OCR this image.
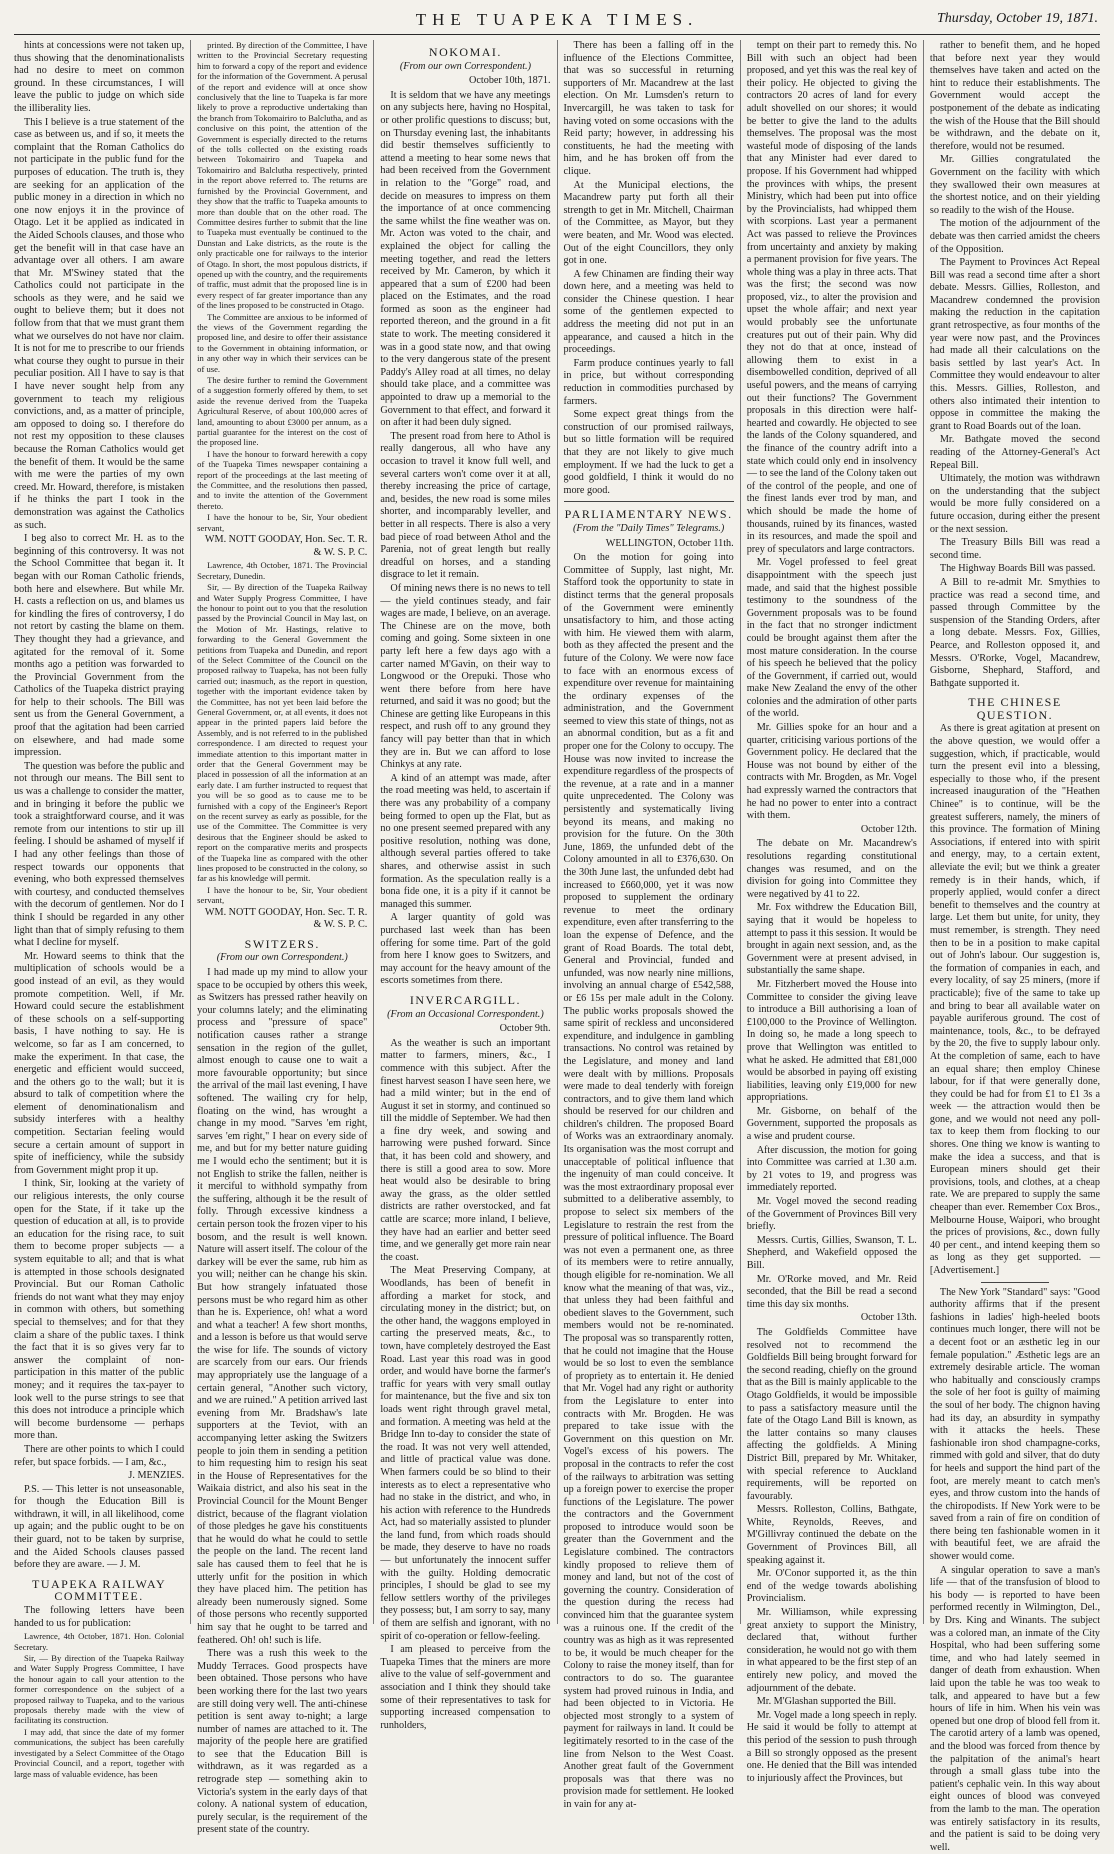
THE TUAPEKA TIMES.	Thursday, October 19, 1871.

hints at concessions were not taken up, thus showing that the denominationalists had no desire to meet on common ground. In these circumstances, I will leave the public to judge on which side the illiberality lies.

This I believe is a true statement of the case as between us, and if so, it meets the complaint that the Roman Catholics do not participate in the public fund for the purposes of education. The truth is, they are seeking for an application of the public money in a direction in which no one now enjoys it in the province of Otago. Let it be applied as indicated in the Aided Schools clauses, and those who get the benefit will in that case have an advantage over all others. I am aware that Mr. M'Swiney stated that the Catholics could not participate in the schools as they were, and he said we ought to believe them; but it does not follow from that that we must grant them what we ourselves do not have nor claim. It is not for me to prescribe to our friends what course they ought to pursue in their peculiar position. All I have to say is that I have never sought help from any government to teach my religious convictions, and, as a matter of principle, am opposed to doing so. I therefore do not rest my opposition to these clauses because the Roman Catholics would get the benefit of them. It would be the same with me were the parties of my own creed. Mr. Howard, therefore, is mistaken if he thinks the part I took in the demonstration was against the Catholics as such.

I beg also to correct Mr. H. as to the beginning of this controversy. It was not the School Committee that began it. It began with our Roman Catholic friends, both here and elsewhere. But while Mr. H. casts a reflection on us, and blames us for kindling the fires of controversy, I do not retort by casting the blame on them. They thought they had a grievance, and agitated for the removal of it. Some months ago a petition was forwarded to the Provincial Government from the Catholics of the Tuapeka district praying for help to their schools. The Bill was sent us from the General Government, a proof that the agitation had been carried on elsewhere, and had made some impression.

The question was before the public and not through our means. The Bill sent to us was a challenge to consider the matter, and in bringing it before the public we took a straightforward course, and it was remote from our intentions to stir up ill feeling. I should be ashamed of myself if I had any other feelings than those of respect towards our opponents that evening, who both expressed themselves with courtesy, and conducted themselves with the decorum of gentlemen. Nor do I think I should be regarded in any other light than that of simply refusing to them what I decline for myself.

Mr. Howard seems to think that the multiplication of schools would be a good instead of an evil, as they would promote competition. Well, if Mr. Howard could secure the establishment of these schools on a self-supporting basis, I have nothing to say. He is welcome, so far as I am concerned, to make the experiment. In that case, the energetic and efficient would succeed, and the others go to the wall; but it is absurd to talk of competition where the element of denominationalism and subsidy interferes with a healthy competition. Sectarian feeling would secure a certain amount of support in spite of inefficiency, while the subsidy from Government might prop it up.

I think, Sir, looking at the variety of our religious interests, the only course open for the State, if it take up the question of education at all, is to provide an education for the rising race, to suit them to become proper subjects — a system equitable to all; and that is what is attempted in those schools designated Provincial. But our Roman Catholic friends do not want what they may enjoy in common with others, but something special to themselves; and for that they claim a share of the public taxes. I think the fact that it is so gives very far to answer the complaint of non-participation in this matter of the public money; and it requires the tax-payer to look well to the purse strings to see that this does not introduce a principle which will become burdensome — perhaps more than.

There are other points to which I could refer, but space forbids. — I am, &c.,

J. MENZIES.

P.S. — This letter is not unseasonable, for though the Education Bill is withdrawn, it will, in all likelihood, come up again; and the public ought to be on their guard, not to be taken by surprise, and the Aided Schools clauses passed before they are aware. — J. M.

TUAPEKA RAILWAY COMMITTEE.

The following letters have been handed to us for publication:

Lawrence, 4th October, 1871. Hon. Colonial Secretary.

Sir, — By direction of the Tuapeka Railway and Water Supply Progress Committee, I have the honour again to call your attention to the former correspondence on the subject of a proposed railway to Tuapeka, and to the various proposals thereby made with the view of facilitating its construction.

I may add, that since the date of my former communications, the subject has been carefully investigated by a Select Committee of the Otago Provincial Council, and a report, together with large mass of valuable evidence, has been

printed. By direction of the Committee, I have written to the Provincial Secretary requesting him to forward a copy of the report and evidence for the information of the Government. A perusal of the report and evidence will at once show conclusively that the line to Tuapeka is far more likely to prove a reproductive undertaking than the branch from Tokomairiro to Balclutha, and as conclusive on this point, the attention of the Government is especially directed to the returns of the tolls collected on the existing roads between Tokomairiro and Tuapeka and Tokomairiro and Balclutha respectively, printed in the report above referred to. The returns are furnished by the Provincial Government, and they show that the traffic to Tuapeka amounts to more than double that on the other road. The Committee desires further to submit that the line to Tuapeka must eventually be continued to the Dunstan and Lake districts, as the route is the only practicable one for railways to the interior of Otago. In short, the most populous districts, if opened up with the country, and the requirements of traffic, must admit that the proposed line is in every respect of far greater importance than any of the lines proposed to be constructed in Otago.

The Committee are anxious to be informed of the views of the Government regarding the proposed line, and desire to offer their assistance to the Government in obtaining information, or in any other way in which their services can be of use.

The desire further to remind the Government of a suggestion formerly offered by them, to set aside the revenue derived from the Tuapeka Agricultural Reserve, of about 100,000 acres of land, amounting to about £3000 per annum, as a partial guarantee for the interest on the cost of the proposed line.

I have the honour to forward herewith a copy of the Tuapeka Times newspaper containing a report of the proceedings at the last meeting of the Committee, and the resolutions then passed, and to invite the attention of the Government thereto.

I have the honour to be, Sir, Your obedient servant,

WM. NOTT GOODAY, Hon. Sec. T. R. & W. S. P. C.

Lawrence, 4th October, 1871. The Provincial Secretary, Dunedin.

Sir, — By direction of the Tuapeka Railway and Water Supply Progress Committee, I have the honour to point out to you that the resolution passed by the Provincial Council in May last, on the Motion of Mr. Hastings, relative to forwarding to the General Government the petitions from Tuapeka and Dunedin, and report of the Select Committee of the Council on the proposed railway to Tuapeka, has not been fully carried out; inasmuch, as the report in question, together with the important evidence taken by the Committee, has not yet been laid before the General Government, or, at all events, it does not appear in the printed papers laid before the Assembly, and is not referred to in the published correspondence. I am directed to request your immediate attention to this important matter in order that the General Government may be placed in possession of all the information at an early date. I am further instructed to request that you will be so good as to cause me to be furnished with a copy of the Engineer's Report on the recent survey as early as possible, for the use of the Committee. The Committee is very desirous that the Engineer should be asked to report on the comparative merits and prospects of the Tuapeka line as compared with the other lines proposed to be constructed in the colony, so far as his knowledge will permit.

I have the honour to be, Sir, Your obedient servant,

WM. NOTT GOODAY, Hon. Sec. T. R. & W. S. P. C.

SWITZERS.

(From our own Correspondent.)

I had made up my mind to allow your space to be occupied by others this week, as Switzers has pressed rather heavily on your columns lately; and the eliminating process and "pressure of space" notification causes rather a strange sensation in the region of the gullet, almost enough to cause one to wait a more favourable opportunity; but since the arrival of the mail last evening, I have softened. The wailing cry for help, floating on the wind, has wrought a change in my mood. "Sarves 'em right, sarves 'em right," I hear on every side of me, and but for my better nature guiding me I would echo the sentiment; but it is not English to strike the fallen, neither is it merciful to withhold sympathy from the suffering, although it be the result of folly. Through excessive kindness a certain person took the frozen viper to his bosom, and the result is well known. Nature will assert itself. The colour of the darkey will be ever the same, rub him as you will; neither can he change his skin. But how strangely infatuated those persons must be who regard him as other than he is. Experience, oh! what a word and what a teacher! A few short months, and a lesson is before us that would serve the wise for life. The sounds of victory are scarcely from our ears. Our friends may appropriately use the language of a certain general, "Another such victory, and we are ruined." A petition arrived last evening from Mr. Bradshaw's late supporters at the Teviot, with an accompanying letter asking the Switzers people to join them in sending a petition to him requesting him to resign his seat in the House of Representatives for the Waikaia district, and also his seat in the Provincial Council for the Mount Benger district, because of the flagrant violation of those pledges he gave his constituents that he would do what he could to settle the people on the land. The recent land sale has caused them to feel that he is utterly unfit for the position in which they have placed him. The petition has already been numerously signed. Some of those persons who recently supported him say that he ought to be tarred and feathered. Oh! oh! such is life.

There was a rush this week to the Muddy Terraces. Good prospects have been obtained. Those persons who have been working there for the last two years are still doing very well. The anti-chinese petition is sent away to-night; a large number of names are attached to it. The majority of the people here are gratified to see that the Education Bill is withdrawn, as it was regarded as a retrograde step — something akin to Victoria's system in the early days of that colony. A national system of education, purely secular, is the requirement of the present state of the country.

NOKOMAI.

(From our own Correspondent.)

October 10th, 1871.

It is seldom that we have any meetings on any subjects here, having no Hospital, or other prolific questions to discuss; but, on Thursday evening last, the inhabitants did bestir themselves sufficiently to attend a meeting to hear some news that had been received from the Government in relation to the "Gorge" road, and decide on measures to impress on them the importance of at once commencing the same whilst the fine weather was on. Mr. Acton was voted to the chair, and explained the object for calling the meeting together, and read the letters received by Mr. Cameron, by which it appeared that a sum of £200 had been placed on the Estimates, and the road formed as soon as the engineer had reported thereon, and the ground in a fit state to work. The meeting considered it was in a good state now, and that owing to the very dangerous state of the present Paddy's Alley road at all times, no delay should take place, and a committee was appointed to draw up a memorial to the Government to that effect, and forward it on after it had been duly signed.

The present road from here to Athol is really dangerous, all who have any occasion to travel it know full well, and several carters won't come over it at all, thereby increasing the price of cartage, and, besides, the new road is some miles shorter, and incomparably leveller, and better in all respects. There is also a very bad piece of road between Athol and the Parenia, not of great length but really dreadful on horses, and a standing disgrace to let it remain.

Of mining news there is no news to tell — the yield continues steady, and fair wages are made, I believe, on an average. The Chinese are on the move, both coming and going. Some sixteen in one party left here a few days ago with a carter named M'Gavin, on their way to Longwood or the Orepuki. Those who went there before from here have returned, and said it was no good; but the Chinese are getting like Europeans in this respect, and rush off to any ground they fancy will pay better than that in which they are in. But we can afford to lose Chinkys at any rate.

A kind of an attempt was made, after the road meeting was held, to ascertain if there was any probability of a company being formed to open up the Flat, but as no one present seemed prepared with any positive resolution, nothing was done, although several parties offered to take shares, and otherwise assist in such formation. As the speculation really is a bona fide one, it is a pity if it cannot be managed this summer.

A larger quantity of gold was purchased last week than has been offering for some time. Part of the gold from here I know goes to Switzers, and may account for the heavy amount of the escorts sometimes from there.

INVERCARGILL.

(From an Occasional Correspondent.)

October 9th.

As the weather is such an important matter to farmers, miners, &c., I commence with this subject. After the finest harvest season I have seen here, we had a mild winter; but in the end of August it set in stormy, and continued so till the middle of September. We had then a fine dry week, and sowing and harrowing were pushed forward. Since that, it has been cold and showery, and there is still a good area to sow. More heat would also be desirable to bring away the grass, as the older settled districts are rather overstocked, and fat cattle are scarce; more inland, I believe, they have had an earlier and better seed time, and we generally get more rain near the coast.

The Meat Preserving Company, at Woodlands, has been of benefit in affording a market for stock, and circulating money in the district; but, on the other hand, the waggons employed in carting the preserved meats, &c., to town, have completely destroyed the East Road. Last year this road was in good order, and would have borne the farmer's traffic for years with very small outlay for maintenance, but the five and six ton loads went right through gravel metal, and formation. A meeting was held at the Bridge Inn to-day to consider the state of the road. It was not very well attended, and little of practical value was done. When farmers could be so blind to their interests as to elect a representative who had no stake in the district, and who, in his action with reference to the Hundreds Act, had so materially assisted to plunder the land fund, from which roads should be made, they deserve to have no roads — but unfortunately the innocent suffer with the guilty. Holding democratic principles, I should be glad to see my fellow settlers worthy of the privileges they possess; but, I am sorry to say, many of them are selfish and ignorant, with no spirit of co-operation or fellow-feeling.

I am pleased to perceive from the Tuapeka Times that the miners are more alive to the value of self-government and association and I think they should take some of their representatives to task for supporting increased compensation to runholders,

There has been a falling off in the influence of the Elections Committee, that was so successful in returning supporters of Mr. Macandrew at the last election. On Mr. Lumsden's return to Invercargill, he was taken to task for having voted on some occasions with the Reid party; however, in addressing his constituents, he had the meeting with him, and he has broken off from the clique.

At the Municipal elections, the Macandrew party put forth all their strength to get in Mr. Mitchell, Chairman of the Committee, as Mayor, but they were beaten, and Mr. Wood was elected. Out of the eight Councillors, they only got in one.

A few Chinamen are finding their way down here, and a meeting was held to consider the Chinese question. I hear some of the gentlemen expected to address the meeting did not put in an appearance, and caused a hitch in the proceedings.

Farm produce continues yearly to fall in price, but without corresponding reduction in commodities purchased by farmers.

Some expect great things from the construction of our promised railways, but so little formation will be required that they are not likely to give much employment. If we had the luck to get a good goldfield, I think it would do no more good.

PARLIAMENTARY NEWS.

(From the "Daily Times" Telegrams.)

WELLINGTON, October 11th.

On the motion for going into Committee of Supply, last night, Mr. Stafford took the opportunity to state in distinct terms that the general proposals of the Government were eminently unsatisfactory to him, and those acting with him. He viewed them with alarm, both as they affected the present and the future of the Colony. We were now face to face with an enormous excess of expenditure over revenue for maintaining the ordinary expenses of the administration, and the Government seemed to view this state of things, not as an abnormal condition, but as a fit and proper one for the Colony to occupy. The House was now invited to increase the expenditure regardless of the prospects of the revenue, at a rate and in a manner quite unprecedented. The Colony was persistently and systematically living beyond its means, and making no provision for the future. On the 30th June, 1869, the unfunded debt of the Colony amounted in all to £376,630. On the 30th June last, the unfunded debt had increased to £660,000, yet it was now proposed to supplement the ordinary revenue to meet the ordinary expenditure, even after transferring to the loan the expense of Defence, and the grant of Road Boards. The total debt, General and Provincial, funded and unfunded, was now nearly nine millions, involving an annual charge of £542,588, or £6 15s per male adult in the Colony. The public works proposals showed the same spirit of reckless and unconsidered expenditure, and indulgence in gambling transactions. No control was retained by the Legislature, and money and land were dealt with by millions. Proposals were made to deal tenderly with foreign contractors, and to give them land which should be reserved for our children and children's children. The proposed Board of Works was an extraordinary anomaly. Its organisation was the most corrupt and unacceptable of political influence that the ingenuity of man could conceive. It was the most extraordinary proposal ever submitted to a deliberative assembly, to propose to select six members of the Legislature to restrain the rest from the pressure of political influence. The Board was not even a permanent one, as three of its members were to retire annually, though eligible for re-nomination. We all know what the meaning of that was, viz., that unless they had been faithful and obedient slaves to the Government, such members would not be re-nominated. The proposal was so transparently rotten, that he could not imagine that the House would be so lost to even the semblance of propriety as to entertain it. He denied that Mr. Vogel had any right or authority from the Legislature to enter into contracts with Mr. Brogden. He was prepared to take issue with the Government on this question on Mr. Vogel's excess of his powers. The proposal in the contracts to refer the cost of the railways to arbitration was setting up a foreign power to exercise the proper functions of the Legislature. The power the contractors and the Government proposed to introduce would soon be greater than the Government and the Legislature combined. The contractors kindly proposed to relieve them of money and land, but not of the cost of governing the country. Consideration of the question during the recess had convinced him that the guarantee system was a ruinous one. If the credit of the country was as high as it was represented to be, it would be much cheaper for the Colony to raise the money itself, than for contractors to do so. The guarantee system had proved ruinous in India, and had been objected to in Victoria. He objected most strongly to a system of payment for railways in land. It could be legitimately resorted to in the case of the line from Nelson to the West Coast. Another great fault of the Government proposals was that there was no provision made for settlement. He looked in vain for any at-

tempt on their part to remedy this. No Bill with such an object had been proposed, and yet this was the real key of their policy. He objected to giving the contractors 20 acres of land for every adult shovelled on our shores; it would be better to give the land to the adults themselves. The proposal was the most wasteful mode of disposing of the lands that any Minister had ever dared to propose. If his Government had whipped the provinces with whips, the present Ministry, which had been put into office by the Provincialists, had whipped them with scorpions. Last year a permanent Act was passed to relieve the Provinces from uncertainty and anxiety by making a permanent provision for five years. The whole thing was a play in three acts. That was the first; the second was now proposed, viz., to alter the provision and upset the whole affair; and next year would probably see the unfortunate creatures put out of their pain. Why did they not do that at once, instead of allowing them to exist in a disembowelled condition, deprived of all useful powers, and the means of carrying out their functions? The Government proposals in this direction were half-hearted and cowardly. He objected to see the lands of the Colony squandered, and the finance of the country adrift into a state which could only end in insolvency — to see the land of the Colony taken out of the control of the people, and one of the finest lands ever trod by man, and which should be made the home of thousands, ruined by its finances, wasted in its resources, and made the spoil and prey of speculators and large contractors.

Mr. Vogel professed to feel great disappointment with the speech just made, and said that the highest possible testimony to the soundness of the Government proposals was to be found in the fact that no stronger indictment could be brought against them after the most mature consideration. In the course of his speech he believed that the policy of the Government, if carried out, would make New Zealand the envy of the other colonies and the admiration of other parts of the world.

Mr. Gillies spoke for an hour and a quarter, criticising various portions of the Government policy. He declared that the House was not bound by either of the contracts with Mr. Brogden, as Mr. Vogel had expressly warned the contractors that he had no power to enter into a contract with them.

October 12th.

The debate on Mr. Macandrew's resolutions regarding constitutional changes was resumed, and on the division for going into Committee they were negatived by 41 to 22.

Mr. Fox withdrew the Education Bill, saying that it would be hopeless to attempt to pass it this session. It would be brought in again next session, and, as the Government were at present advised, in substantially the same shape.

Mr. Fitzherbert moved the House into Committee to consider the giving leave to introduce a Bill authorising a loan of £100,000 to the Province of Wellington. In doing so, he made a long speech to prove that Wellington was entitled to what he asked. He admitted that £81,000 would be absorbed in paying off existing liabilities, leaving only £19,000 for new appropriations.

Mr. Gisborne, on behalf of the Government, supported the proposals as a wise and prudent course.

After discussion, the motion for going into Committee was carried at 1.30 a.m. by 21 votes to 19, and progress was immediately reported.

Mr. Vogel moved the second reading of the Government of Provinces Bill very briefly.

Messrs. Curtis, Gillies, Swanson, T. L. Shepherd, and Wakefield opposed the Bill.

Mr. O'Rorke moved, and Mr. Reid seconded, that the Bill be read a second time this day six months.

October 13th.

The Goldfields Committee have resolved not to recommend the Goldfields Bill being brought forward for the second reading, chiefly on the ground that as the Bill is mainly applicable to the Otago Goldfields, it would be impossible to pass a satisfactory measure until the fate of the Otago Land Bill is known, as the latter contains so many clauses affecting the goldfields. A Mining District Bill, prepared by Mr. Whitaker, with special reference to Auckland requirements, will be reported on favourably.

Messrs. Rolleston, Collins, Bathgate, White, Reynolds, Reeves, and M'Gillivray continued the debate on the Government of Provinces Bill, all speaking against it.

Mr. O'Conor supported it, as the thin end of the wedge towards abolishing Provincialism.

Mr. Williamson, while expressing great anxiety to support the Ministry, declared that, without further consideration, he would not go with them in what appeared to be the first step of an entirely new policy, and moved the adjournment of the debate.

Mr. M'Glashan supported the Bill.

Mr. Vogel made a long speech in reply. He said it would be folly to attempt at this period of the session to push through a Bill so strongly opposed as the present one. He denied that the Bill was intended to injuriously affect the Provinces, but

rather to benefit them, and he hoped that before next year they would themselves have taken and acted on the hint to reduce their establishments. The Government would accept the postponement of the debate as indicating the wish of the House that the Bill should be withdrawn, and the debate on it, therefore, would not be resumed.

Mr. Gillies congratulated the Government on the facility with which they swallowed their own measures at the shortest notice, and on their yielding so readily to the wish of the House.

The motion of the adjournment of the debate was then carried amidst the cheers of the Opposition.

The Payment to Provinces Act Repeal Bill was read a second time after a short debate. Messrs. Gillies, Rolleston, and Macandrew condemned the provision making the reduction in the capitation grant retrospective, as four months of the year were now past, and the Provinces had made all their calculations on the basis settled by last year's Act. In Committee they would endeavour to alter this. Messrs. Gillies, Rolleston, and others also intimated their intention to oppose in committee the making the grant to Road Boards out of the loan.

Mr. Bathgate moved the second reading of the Attorney-General's Act Repeal Bill.

Ultimately, the motion was withdrawn on the understanding that the subject would be more fully considered on a future occasion, during either the present or the next session.

The Treasury Bills Bill was read a second time.

The Highway Boards Bill was passed.

A Bill to re-admit Mr. Smythies to practice was read a second time, and passed through Committee by the suspension of the Standing Orders, after a long debate. Messrs. Fox, Gillies, Pearce, and Rolleston opposed it, and Messrs. O'Rorke, Vogel, Macandrew, Gisborne, Shephard, Stafford, and Bathgate supported it.

THE CHINESE QUESTION.

As there is great agitation at present on the above question, we would offer a suggestion, which, if practicable, would turn the present evil into a blessing, especially to those who, if the present increased inauguration of the "Heathen Chinee" is to continue, will be the greatest sufferers, namely, the miners of this province. The formation of Mining Associations, if entered into with spirit and energy, may, to a certain extent, alleviate the evil; but we think a greater remedy is in their hands, which, if properly applied, would confer a direct benefit to themselves and the country at large. Let them but unite, for unity, they must remember, is strength. They need then to be in a position to make capital out of John's labour. Our suggestion is, the formation of companies in each, and every locality, of say 25 miners, (more if practicable); five of the same to take up and bring to bear all available water on payable auriferous ground. The cost of maintenance, tools, &c., to be defrayed by the 20, the five to supply labour only. At the completion of same, each to have an equal share; then employ Chinese labour, for if that were generally done, they could be had for from £1 to £1 3s a week — the attraction would then be gone, and we would not need any poll-tax to keep them from flocking to our shores. One thing we know is wanting to make the idea a success, and that is European miners should get their provisions, tools, and clothes, at a cheap rate. We are prepared to supply the same cheaper than ever. Remember Cox Bros., Melbourne House, Waipori, who brought the prices of provisions, &c., down fully 40 per cent., and intend keeping them so as long as they get supported. — [Advertisement.]

The New York "Standard" says: "Good authority affirms that if the present fashions in ladies' high-heeled boots continues much longer, there will not be a decent foot or an æsthetic leg in our female population." Æsthetic legs are an extremely desirable article. The woman who habitually and consciously cramps the sole of her foot is guilty of maiming the soul of her body. The chignon having had its day, an absurdity in sympathy with it attacks the heels. These fashionable iron shod champagne-corks, rimmed with gold and silver, that do duty for heels and support the hind part of the foot, are merely meant to catch men's eyes, and throw custom into the hands of the chiropodists. If New York were to be saved from a rain of fire on condition of there being ten fashionable women in it with beautiful feet, we are afraid the shower would come.

A singular operation to save a man's life — that of the transfusion of blood to his body — is reported to have been performed recently in Wilmington, Del., by Drs. King and Winants. The subject was a colored man, an inmate of the City Hospital, who had been suffering some time, and who had lately seemed in danger of death from exhaustion. When laid upon the table he was too weak to talk, and appeared to have but a few hours of life in him. When his vein was opened but one drop of blood fell from it. The carotid artery of a lamb was opened, and the blood was forced from thence by the palpitation of the animal's heart through a small glass tube into the patient's cephalic vein. In this way about eight ounces of blood was conveyed from the lamb to the man. The operation was entirely satisfactory in its results, and the patient is said to be doing very well.
